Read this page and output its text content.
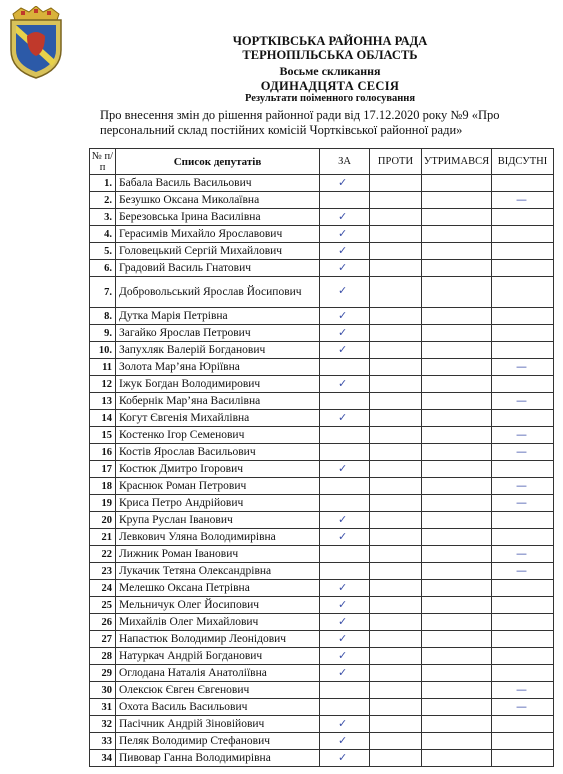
ЧОРТКІВСЬКА РАЙОННА РАДА
ТЕРНОПІЛЬСЬКА ОБЛАСТЬ
Восьме скликання
ОДИНАДЦЯТА СЕСІЯ
Результати поіменного голосування
Про внесення змін до рішення районної ради від 17.12.2020 року №9 «Про персональний склад постійних комісій Чортківської районної ради»
№ п/п	Список депутатів	ЗА	ПРОТИ	УТРИМАВСЯ	ВІДСУТНІ
1.	Бабала Василь Васильович	✓			

2.	Безушко Оксана Миколаївна				—

3.	Березовська Ірина Василівна	✓			

4.	Герасимів Михайло Ярославович	✓			

5.	Головецький Сергій Михайлович	✓			

6.	Градовий Василь Гнатович	✓			

7.	Добровольський Ярослав Йосипович	✓			

8.	Дутка Марія Петрівна	✓			

9.	Загайко Ярослав Петрович	✓			

10.	Запухляк Валерій Богданович	✓			

11	Золота Мар’яна Юріївна				—

12	Іжук Богдан Володимирович	✓			

13	Кобернік Мар’яна Василівна				—

14	Когут Євгенія Михайлівна	✓			

15	Костенко Ігор Семенович				—

16	Костів Ярослав Васильович				—

17	Костюк Дмитро Ігорович	✓			

18	Краснюк Роман Петрович				—

19	Криса Петро Андрійович				—

20	Крупа Руслан Іванович	✓			

21	Левкович Уляна Володимирівна	✓			

22	Лижник Роман Іванович				—

23	Лукачик Тетяна Олександрівна				—

24	Мелешко Оксана Петрівна	✓			

25	Мельничук Олег Йосипович	✓			

26	Михайлів Олег Михайлович	✓			

27	Напастюк Володимир Леонідович	✓			

28	Натуркач Андрій Богданович	✓			

29	Оглодана Наталія Анатоліївна	✓			

30	Олексюк Євген Євгенович				—

31	Охота Василь Васильович				—

32	Пасічник Андрій Зіновійович	✓			

33	Пеляк Володимир Стефанович	✓			

34	Пивовар Ганна Володимирівна	✓			
